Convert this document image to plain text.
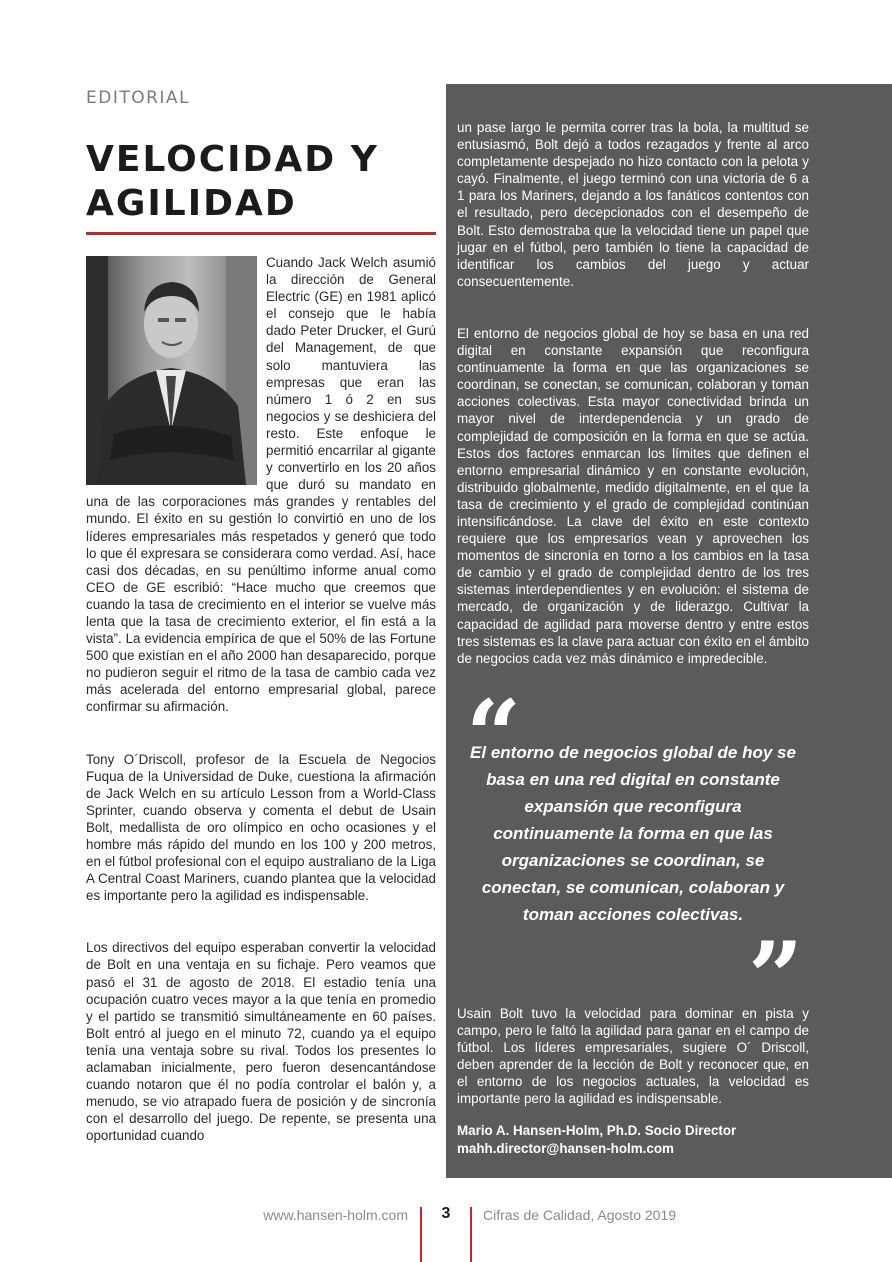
EDITORIAL
VELOCIDAD Y
AGILIDAD

Cuando Jack Welch asumió la dirección de General Electric (GE) en 1981 aplicó el consejo que le había dado Peter Drucker, el Gurú del Management, de que solo mantuviera las empresas que eran las número 1 ó 2 en sus negocios y se deshiciera del resto. Este enfoque le permitió encarrilar al gigante y convertirlo en los 20 años que duró su mandato en una de las corporaciones más grandes y rentables del mundo. El éxito en su gestión lo convirtió en uno de los líderes empresariales más respetados y generó que todo lo que él expresara se considerara como verdad. Así, hace casi dos décadas, en su penúltimo informe anual como CEO de GE escribió: “Hace mucho que creemos que cuando la tasa de crecimiento en el interior se vuelve más lenta que la tasa de crecimiento exterior, el fin está a la vista”. La evidencia empírica de que el 50% de las Fortune 500 que existían en el año 2000 han desaparecido, porque no pudieron seguir el ritmo de la tasa de cambio cada vez más acelerada del entorno empresarial global, parece confirmar su afirmación.

Tony O´Driscoll, profesor de la Escuela de Negocios Fuqua de la Universidad de Duke, cuestiona la afirmación de Jack Welch en su artículo Lesson from a World-Class Sprinter, cuando observa y comenta el debut de Usain Bolt, medallista de oro olímpico en ocho ocasiones y el hombre más rápido del mundo en los 100 y 200 metros, en el fútbol profesional con el equipo australiano de la Liga A Central Coast Mariners, cuando plantea que la velocidad es importante pero la agilidad es indispensable.

Los directivos del equipo esperaban convertir la velocidad de Bolt en una ventaja en su fichaje. Pero veamos que pasó el 31 de agosto de 2018. El estadio tenía una ocupación cuatro veces mayor a la que tenía en promedio y el partido se transmitió simultáneamente en 60 países. Bolt entró al juego en el minuto 72, cuando ya el equipo tenía una ventaja sobre su rival. Todos los presentes lo aclamaban inicialmente, pero fueron desencantándose cuando notaron que él no podía controlar el balón y, a menudo, se vio atrapado fuera de posición y de sincronía con el desarrollo del juego. De repente, se presenta una oportunidad cuando

un pase largo le permita correr tras la bola, la multitud se entusiasmó, Bolt dejó a todos rezagados y frente al arco completamente despejado no hizo contacto con la pelota y cayó. Finalmente, el juego terminó con una victoria de 6 a 1 para los Mariners, dejando a los fanáticos contentos con el resultado, pero decepcionados con el desempeño de Bolt. Esto demostraba que la velocidad tiene un papel que jugar en el fútbol, pero también lo tiene la capacidad de identificar los cambios del juego y actuar consecuentemente.

El entorno de negocios global de hoy se basa en una red digital en constante expansión que reconfigura continuamente la forma en que las organizaciones se coordinan, se conectan, se comunican, colaboran y toman acciones colectivas. Esta mayor conectividad brinda un mayor nivel de interdependencia y un grado de complejidad de composición en la forma en que se actúa. Estos dos factores enmarcan los límites que definen el entorno empresarial dinámico y en constante evolución, distribuido globalmente, medido digitalmente, en el que la tasa de crecimiento y el grado de complejidad continúan intensificándose. La clave del éxito en este contexto requiere que los empresarios vean y aprovechen los momentos de sincronía en torno a los cambios en la tasa de cambio y el grado de complejidad dentro de los tres sistemas interdependientes y en evolución: el sistema de mercado, de organización y de liderazgo. Cultivar la capacidad de agilidad para moverse dentro y entre estos tres sistemas es la clave para actuar con éxito en el ámbito de negocios cada vez más dinámico e impredecible.

“
El entorno de negocios global de hoy se basa en una red digital en constante expansión que reconfigura continuamente la forma en que las organizaciones se coordinan, se conectan, se comunican, colaboran y toman acciones colectivas.
”

Usain Bolt tuvo la velocidad para dominar en pista y campo, pero le faltó la agilidad para ganar en el campo de fútbol. Los líderes empresariales, sugiere O´ Driscoll, deben aprender de la lección de Bolt y reconocer que, en el entorno de los negocios actuales, la velocidad es importante pero la agilidad es indispensable.

Mario A. Hansen-Holm, Ph.D. Socio Director
mahh.director@hansen-holm.com
www.hansen-holm.com	3	Cifras de Calidad, Agosto 2019
